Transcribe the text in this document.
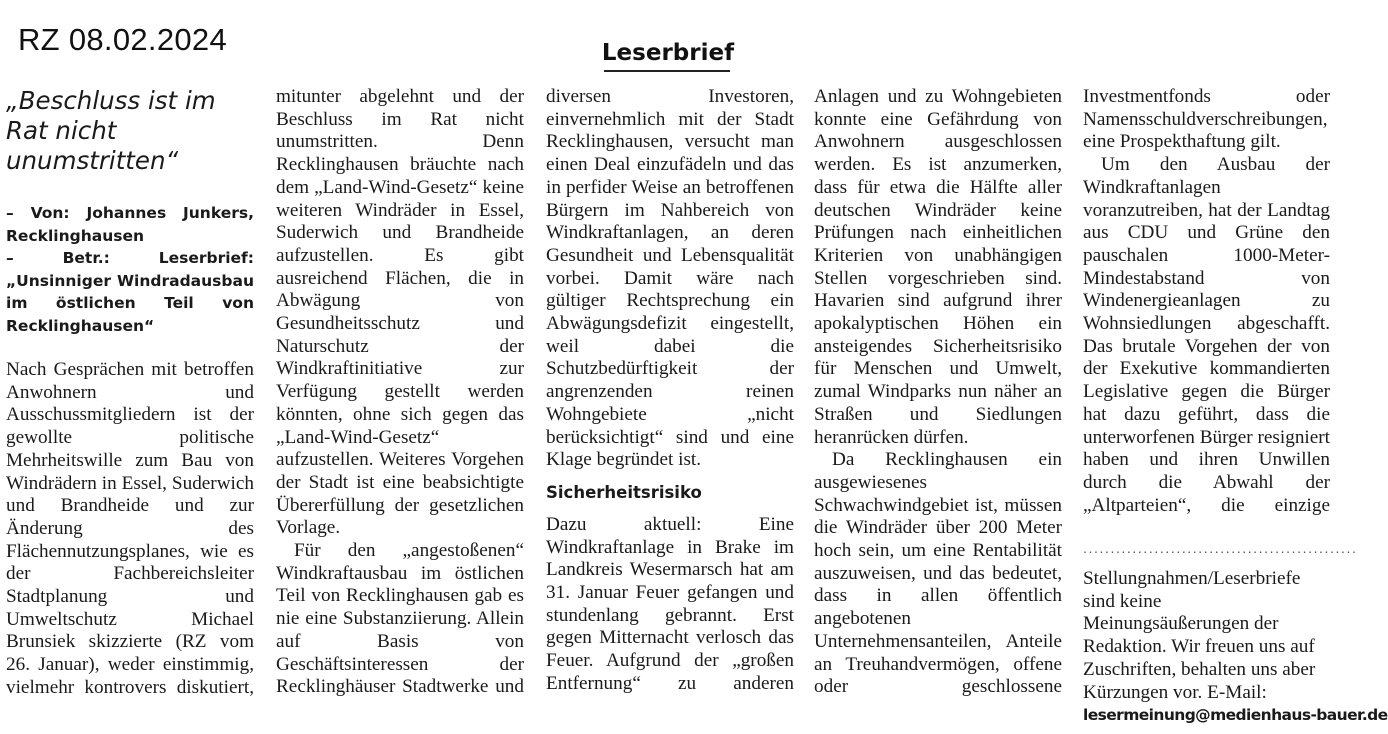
RZ 08.02.2024	Leserbrief
„Beschluss ist im Rat nicht unumstritten“

– Von: Johannes Junkers, Recklinghausen

– Betr.: Leserbrief: „Unsinniger Windradausbau im östlichen Teil von Recklinghausen“

Nach Gesprächen mit betroffen Anwohnern und Ausschussmitgliedern ist der gewollte politische Mehrheitswille zum Bau von Windrädern in Essel, Suderwich und Brandheide und zur Änderung des Flächennutzungsplanes, wie es der Fachbereichsleiter Stadtplanung und Umweltschutz Michael Brunsiek skizzierte (RZ vom 26. Januar), weder einstimmig, vielmehr kontrovers diskutiert,

mitunter abgelehnt und der Beschluss im Rat nicht unumstritten. Denn Recklinghausen bräuchte nach dem „Land-Wind-Gesetz“ keine weiteren Windräder in Essel, Suderwich und Brandheide aufzustellen. Es gibt ausreichend Flächen, die in Abwägung von Gesundheitsschutz und Naturschutz der Windkraftinitiative zur Verfügung gestellt werden könnten, ohne sich gegen das „Land-Wind-Gesetz“ aufzustellen. Weiteres Vorgehen der Stadt ist eine beabsichtigte Übererfüllung der gesetzlichen Vorlage.

Für den „angestoßenen“ Windkraftausbau im östlichen Teil von Recklinghausen gab es nie eine Substanziierung. Allein auf Basis von Geschäftsinteressen der Recklinghäuser Stadtwerke und

diversen Investoren, einvernehmlich mit der Stadt Recklinghausen, versucht man einen Deal einzufädeln und das in perfider Weise an betroffenen Bürgern im Nahbereich von Windkraftanlagen, an deren Gesundheit und Lebensqualität vorbei. Damit wäre nach gültiger Rechtsprechung ein Abwägungsdefizit eingestellt, weil dabei die Schutzbedürftigkeit der angrenzenden reinen Wohngebiete „nicht berücksichtigt“ sind und eine Klage begründet ist.

Sicherheitsrisiko

Dazu aktuell: Eine Windkraftanlage in Brake im Landkreis Wesermarsch hat am 31. Januar Feuer gefangen und stundenlang gebrannt. Erst gegen Mitternacht verlosch das Feuer. Aufgrund der „großen Entfernung“ zu anderen

Anlagen und zu Wohngebieten konnte eine Gefährdung von Anwohnern ausgeschlossen werden. Es ist anzumerken, dass für etwa die Hälfte aller deutschen Windräder keine Prüfungen nach einheitlichen Kriterien von unabhängigen Stellen vorgeschrieben sind. Havarien sind aufgrund ihrer apokalyptischen Höhen ein ansteigendes Sicherheitsrisiko für Menschen und Umwelt, zumal Windparks nun näher an Straßen und Siedlungen heranrücken dürfen.

Da Recklinghausen ein ausgewiesenes Schwachwindgebiet ist, müssen die Windräder über 200 Meter hoch sein, um eine Rentabilität auszuweisen, und das bedeutet, dass in allen öffentlich angebotenen Unternehmensanteilen, Anteile an Treuhandvermögen, offene oder geschlossene

Investmentfonds oder Namensschuldverschreibungen, eine Prospekthaftung gilt.

Um den Ausbau der Windkraftanlagen voranzutreiben, hat der Landtag aus CDU und Grüne den pauschalen 1000-Meter-Mindestabstand von Windenergieanlagen zu Wohnsiedlungen abgeschafft. Das brutale Vorgehen der von der Exekutive kommandierten Legislative gegen die Bürger hat dazu geführt, dass die unterworfenen Bürger resigniert haben und ihren Unwillen durch die Abwahl der „Altparteien“, die einzige

..................................................

Stellungnahmen/Leserbriefe sind keine Meinungsäußerungen der Redaktion. Wir freuen uns auf Zuschriften, behalten uns aber Kürzungen vor. E-Mail:

lesermeinung@medienhaus-bauer.de
